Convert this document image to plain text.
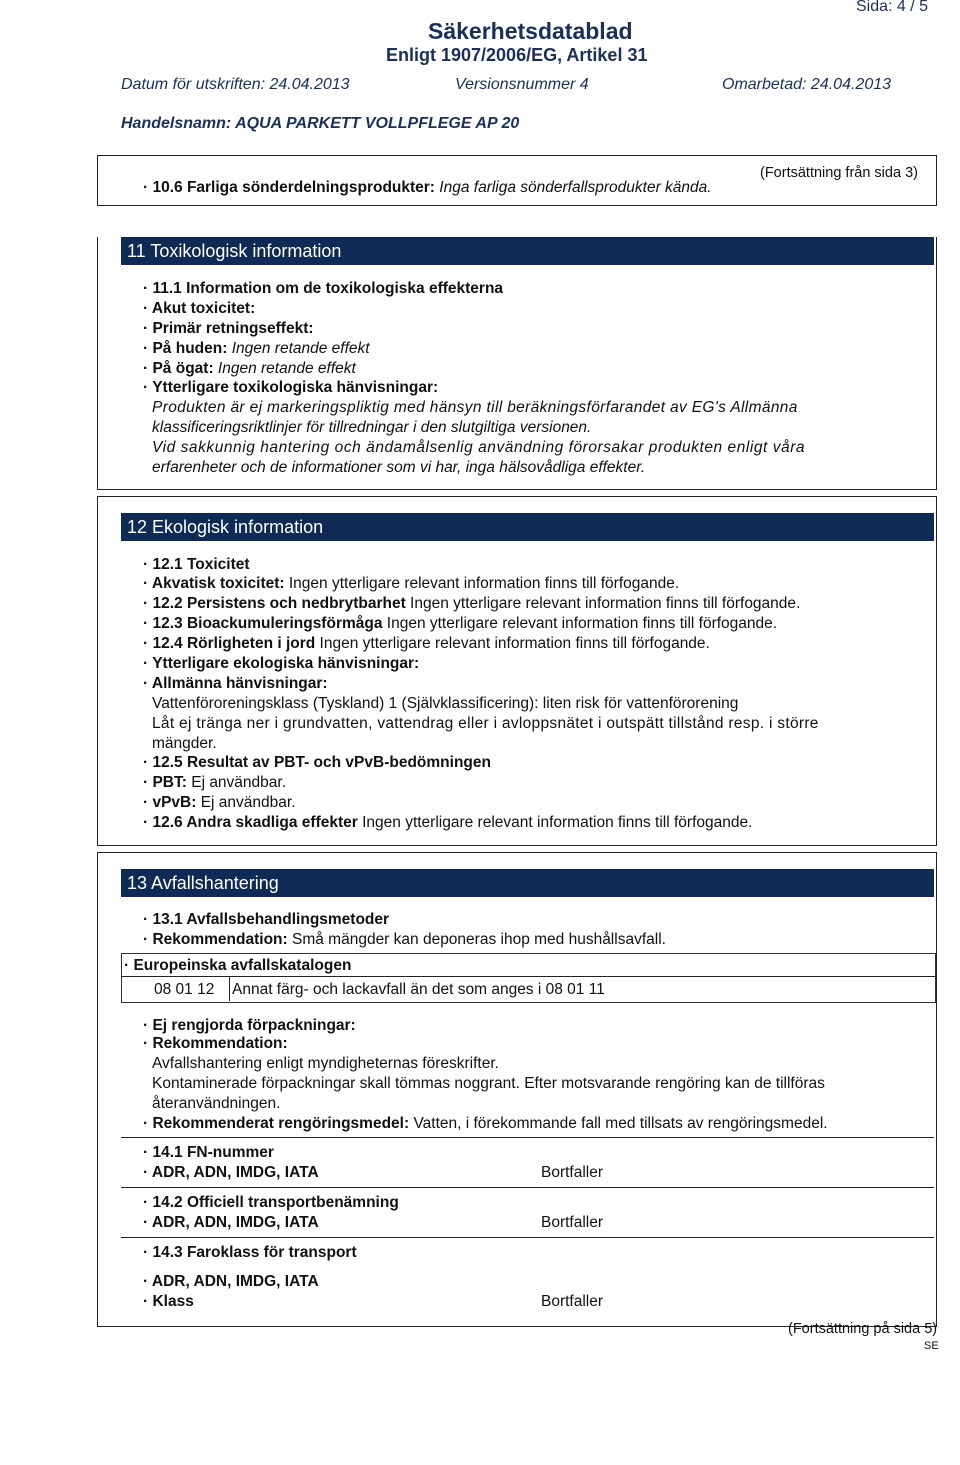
Sida: 4 / 5
Säkerhetsdatablad
Enligt 1907/2006/EG, Artikel 31
Datum för utskriften: 24.04.2013	Versionsnummer 4	Omarbetad: 24.04.2013
Handelsnamn: AQUA PARKETT VOLLPFLEGE AP 20
(Fortsättning från sida 3)
· 10.6 Farliga sönderdelningsprodukter: Inga farliga sönderfallsprodukter kända.
11 Toxikologisk information
· 11.1 Information om de toxikologiska effekterna
· Akut toxicitet:
· Primär retningseffekt:
· På huden: Ingen retande effekt
· På ögat: Ingen retande effekt
· Ytterligare toxikologiska hänvisningar:
Produkten är ej markeringspliktig med hänsyn till beräkningsförfarandet av EG's Allmänna
klassificeringsriktlinjer för tillredningar i den slutgiltiga versionen.
Vid sakkunnig hantering och ändamålsenlig användning förorsakar produkten enligt våra
erfarenheter och de informationer som vi har, inga hälsovådliga effekter.
12 Ekologisk information
· 12.1 Toxicitet
· Akvatisk toxicitet: Ingen ytterligare relevant information finns till förfogande.
· 12.2 Persistens och nedbrytbarhet Ingen ytterligare relevant information finns till förfogande.
· 12.3 Bioackumuleringsförmåga Ingen ytterligare relevant information finns till förfogande.
· 12.4 Rörligheten i jord Ingen ytterligare relevant information finns till förfogande.
· Ytterligare ekologiska hänvisningar:
· Allmänna hänvisningar:
Vattenföroreningsklass (Tyskland) 1 (Självklassificering): liten risk för vattenförorening
Låt ej tränga ner i grundvatten, vattendrag eller i avloppsnätet i outspätt tillstånd resp. i större
mängder.
· 12.5 Resultat av PBT- och vPvB-bedömningen
· PBT: Ej användbar.
· vPvB: Ej användbar.
· 12.6 Andra skadliga effekter Ingen ytterligare relevant information finns till förfogande.
13 Avfallshantering
· 13.1 Avfallsbehandlingsmetoder
· Rekommendation: Små mängder kan deponeras ihop med hushållsavfall.
· Europeinska avfallskatalogen
08 01 12 Annat färg- och lackavfall än det som anges i 08 01 11
· Ej rengjorda förpackningar:
· Rekommendation:
Avfallshantering enligt myndigheternas föreskrifter.
Kontaminerade förpackningar skall tömmas noggrant. Efter motsvarande rengöring kan de tillföras
återanvändningen.
· Rekommenderat rengöringsmedel: Vatten, i förekommande fall med tillsats av rengöringsmedel.
· 14.1 FN-nummer
· ADR, ADN, IMDG, IATA	Bortfaller
· 14.2 Officiell transportbenämning
· ADR, ADN, IMDG, IATA	Bortfaller
· 14.3 Faroklass för transport
· ADR, ADN, IMDG, IATA
· Klass	Bortfaller
(Fortsättning på sida 5)
SE
